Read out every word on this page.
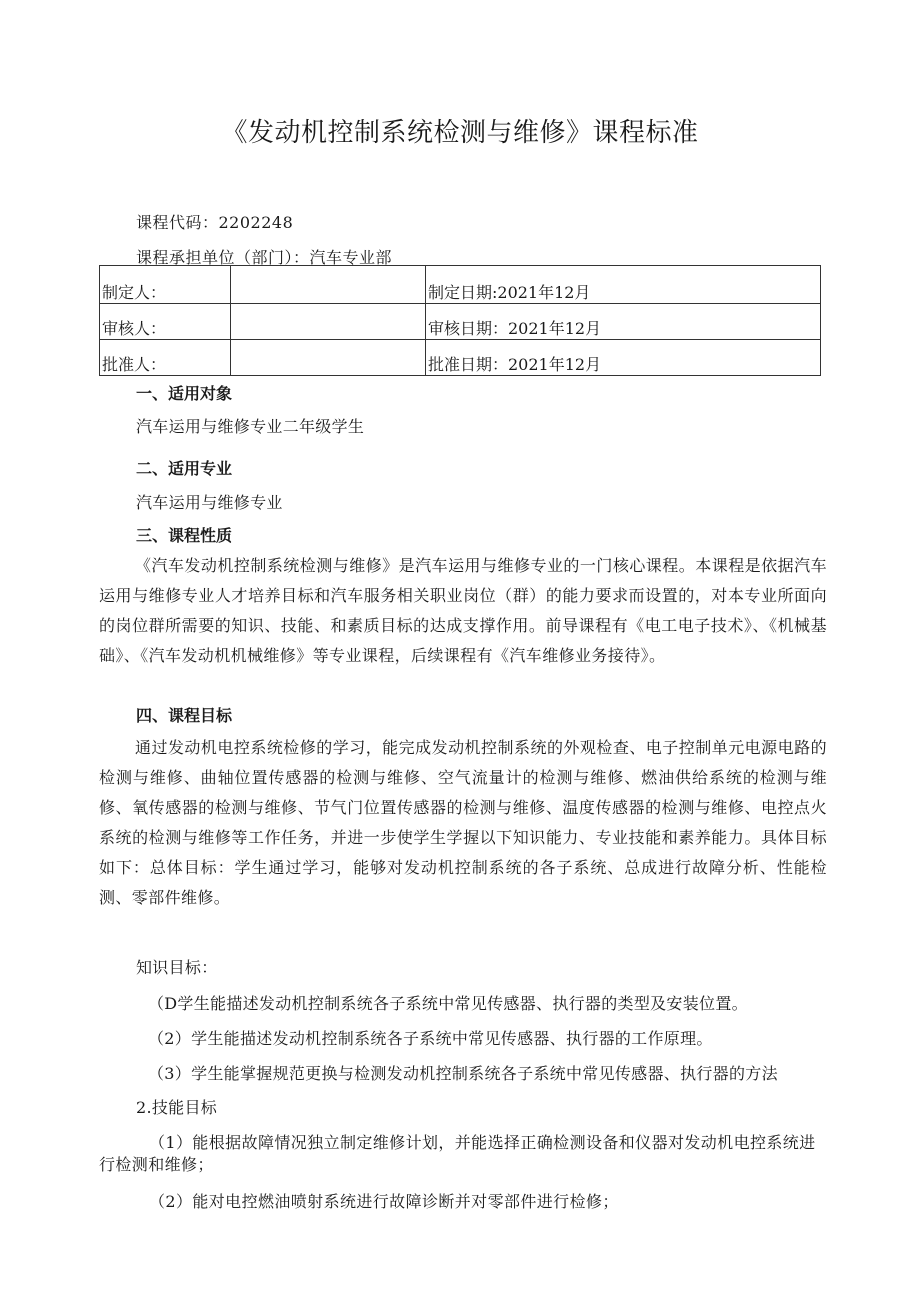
《发动机控制系统检测与维修》课程标准
课程代码：2202248
课程承担单位（部门）：汽车专业部
制定人：		制定日期:2021年12月
审核人：		审核日期：2021年12月
批准人：		批准日期：2021年12月
一、适用对象
汽车运用与维修专业二年级学生
二、适用专业
汽车运用与维修专业
三、课程性质
《汽车发动机控制系统检测与维修》是汽车运用与维修专业的一门核心课程。本课程是依据汽车运用与维修专业人才培养目标和汽车服务相关职业岗位（群）的能力要求而设置的，对本专业所面向的岗位群所需要的知识、技能、和素质目标的达成支撑作用。前导课程有《电工电子技术》、《机械基础》、《汽车发动机机械维修》等专业课程，后续课程有《汽车维修业务接待》。
四、课程目标
通过发动机电控系统检修的学习，能完成发动机控制系统的外观检查、电子控制单元电源电路的检测与维修、曲轴位置传感器的检测与维修、空气流量计的检测与维修、燃油供给系统的检测与维修、氧传感器的检测与维修、节气门位置传感器的检测与维修、温度传感器的检测与维修、电控点火系统的检测与维修等工作任务，并进一步使学生学握以下知识能力、专业技能和素养能力。具体目标如下：总体目标：学生通过学习，能够对发动机控制系统的各子系统、总成进行故障分析、性能检测、零部件维修。
知识目标：
（D学生能描述发动机控制系统各子系统中常见传感器、执行器的类型及安装位置。
（2）学生能描述发动机控制系统各子系统中常见传感器、执行器的工作原理。
（3）学生能掌握规范更换与检测发动机控制系统各子系统中常见传感器、执行器的方法
2.技能目标
（1）能根据故障情况独立制定维修计划，并能选择正确检测设备和仪器对发动机电控系统进行检测和维修；
（2）能对电控燃油喷射系统进行故障诊断并对零部件进行检修；
